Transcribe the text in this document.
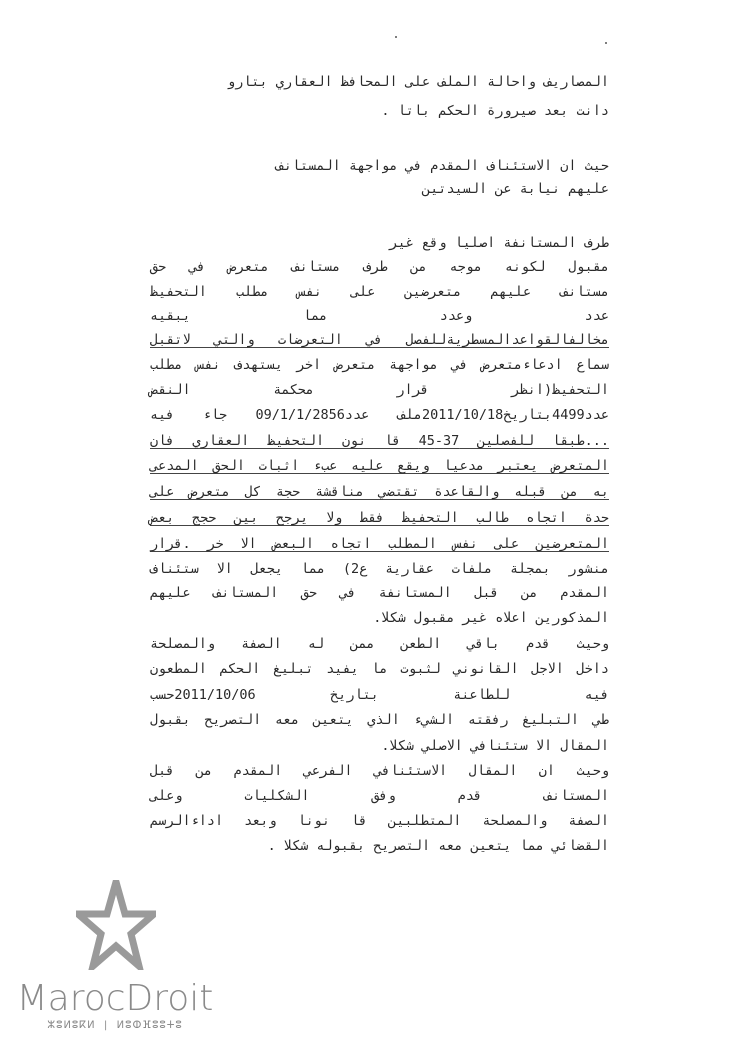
المصاريف واحالة الملف على المحافظ العقاري بتارو
دانت بعد صيرورة الحكم باتا .
حيث ان الاستئناف المقدم في مواجهة المستانف
عليهم نيابة عن السيدتين
طرف المستانفة اصليا وقع غير
مقبول لكونه موجه من طرف مستانف متعرض في حق
مستانف عليهم متعرضين على نفس مطلب التحفيظ
عدد وعدد مما يبقيه
مخالفالقواعدالمسطريةللفصل في التعرضات والتي لاتقبل
سماع ادعاءمتعرض في مواجهة متعرض اخر يستهدف نفس مطلب
التحفيظ(انظر قرار محكمة النقض
عدد4499بتاريخ2011/10/18ملف عدد09/1/1/2856 جاء فيه
...طبقا للفصلين 37-45 قا نون التحفيظ العقاري فان
المتعرض يعتبر مدعيا ويقع عليه عبء اثبات الحق المدعى
به من قبله والقاعدة تقتضي مناقشة حجة كل متعرض على
حدة اتجاه طالب التحفيظ فقط ولا يرجح بين حجج بعض
المتعرضين على نفس المطلب اتجاه البعض الا خر .قرار
منشور بمجلة ملفات عقارية ع2) مما يجعل الا ستئناف
المقدم من قبل المستانفة في حق المستانف عليهم
المذكورين اعلاه غير مقبول شكلا.
وحيث قدم باقي الطعن ممن له الصفة والمصلحة
داخل الاجل القانوني لثبوت ما يفيد تبليغ الحكم المطعون
فيه للطاعنة بتاريخ 2011/10/06حسب
طي التبليغ رفقته الشيء الذي يتعين معه التصريح بقبول
المقال الا ستئنافي الاصلي شكلا.
وحيث ان المقال الاستئنافي الفرعي المقدم من قبل
المستانف قدم وفق الشكليات وعلى
الصفة والمصلحة المتطلبين قا نونا وبعد اداءالرسم
القضائي مما يتعين معه التصريح بقبوله شكلا .
MarocDroit
ⵣⵓⵍⵓⴽⵍ | ⵍⵓⵀⴼⵓⵓⵜⵓ
